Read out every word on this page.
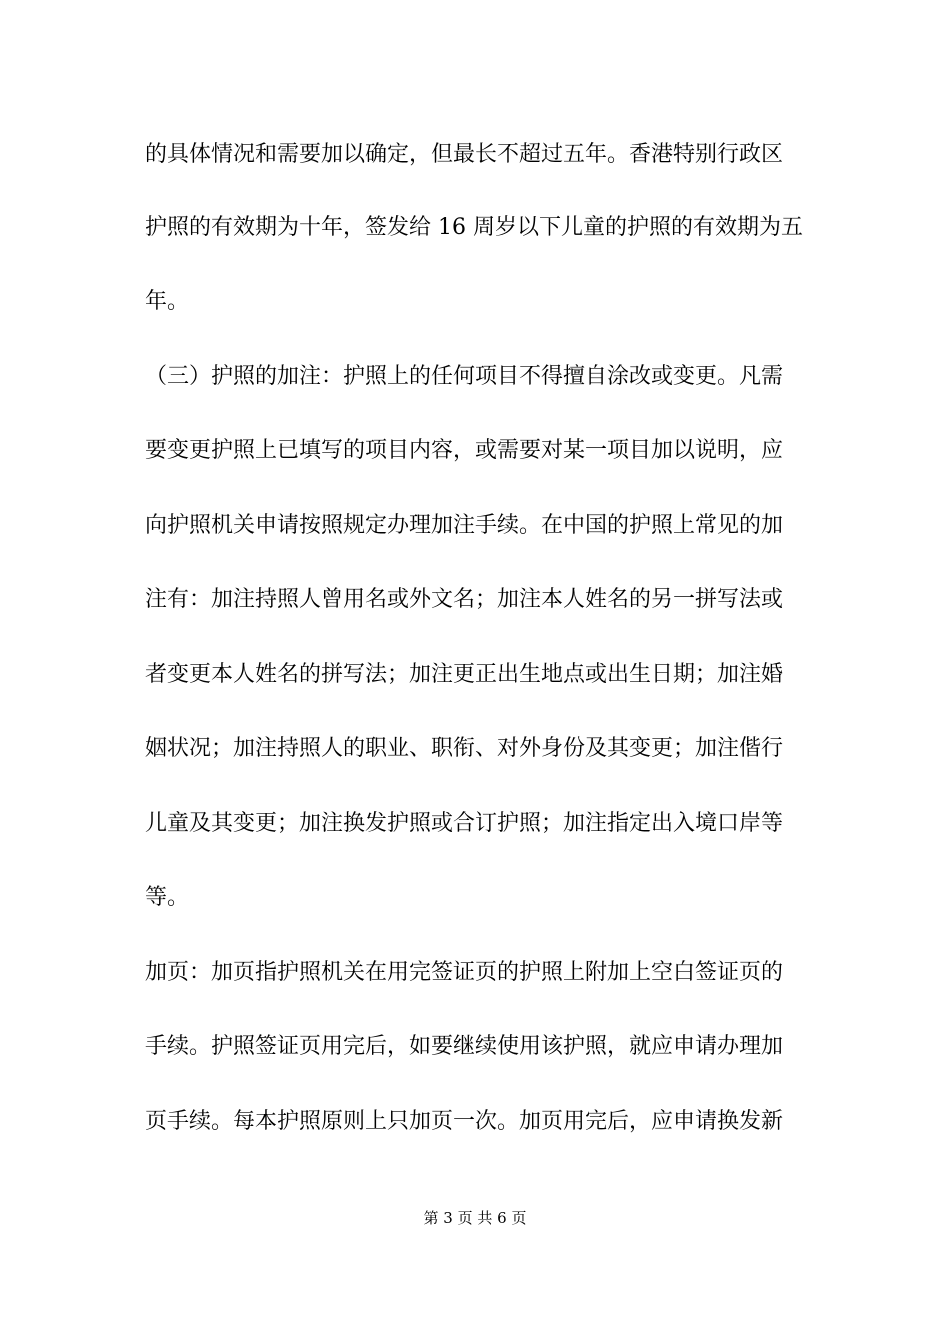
的具体情况和需要加以确定，但最长不超过五年。香港特别行政区
护照的有效期为十年，签发给 16 周岁以下儿童的护照的有效期为五
年。
（三）护照的加注：护照上的任何项目不得擅自涂改或变更。凡需
要变更护照上已填写的项目内容，或需要对某一项目加以说明，应
向护照机关申请按照规定办理加注手续。在中国的护照上常见的加
注有：加注持照人曾用名或外文名；加注本人姓名的另一拼写法或
者变更本人姓名的拼写法；加注更正出生地点或出生日期；加注婚
姻状况；加注持照人的职业、职衔、对外身份及其变更；加注偕行
儿童及其变更；加注换发护照或合订护照；加注指定出入境口岸等
等。
加页：加页指护照机关在用完签证页的护照上附加上空白签证页的
手续。护照签证页用完后，如要继续使用该护照，就应申请办理加
页手续。每本护照原则上只加页一次。加页用完后，应申请换发新
第 3 页 共 6 页
